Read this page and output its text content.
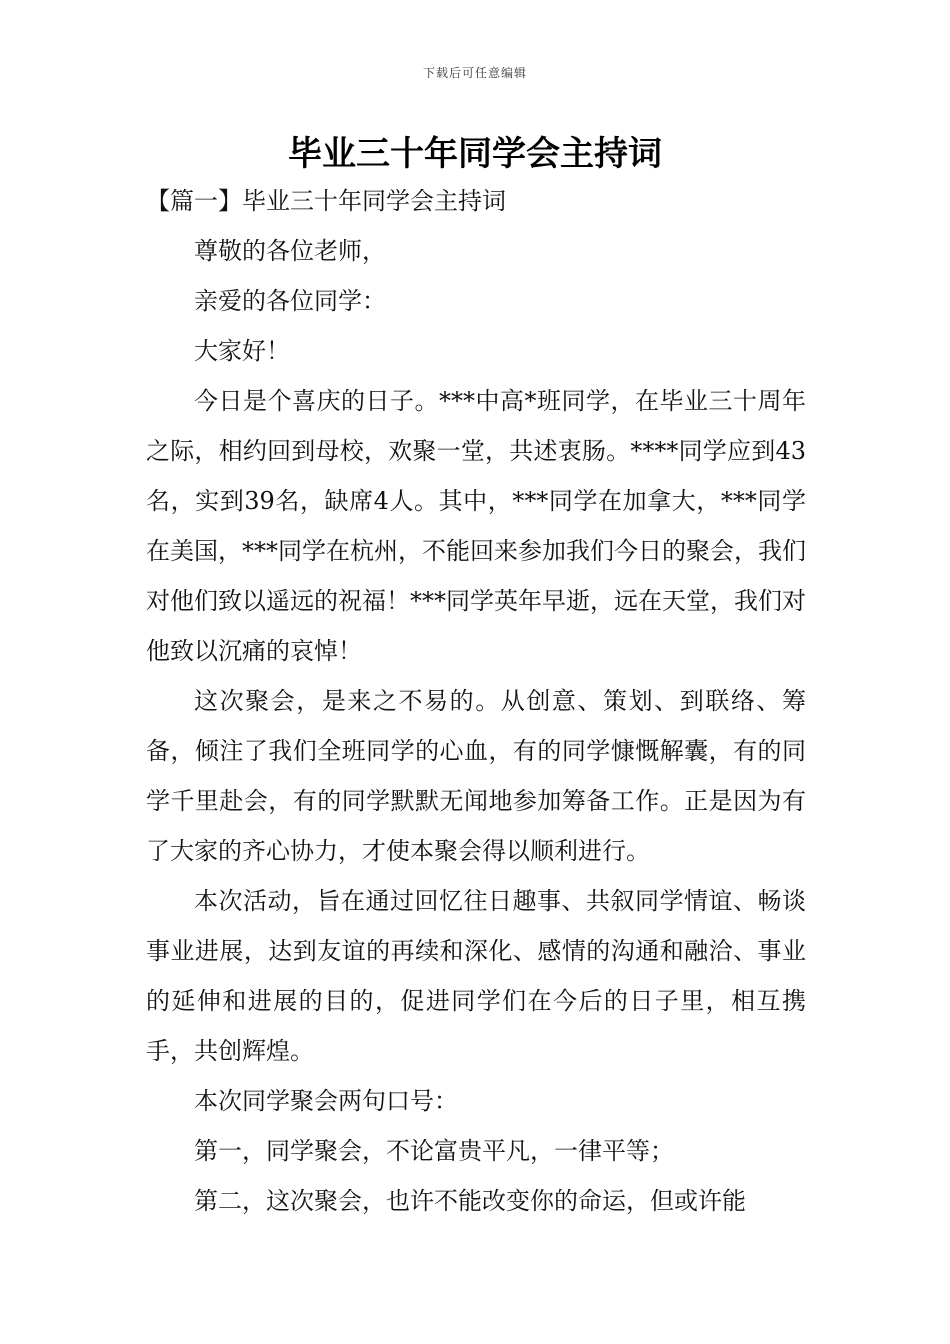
下载后可任意编辑
毕业三十年同学会主持词

【篇一】毕业三十年同学会主持词

尊敬的各位老师，

亲爱的各位同学：

大家好！

今日是个喜庆的日子。***中高*班同学，在毕业三十周年之际，相约回到母校，欢聚一堂，共述衷肠。****同学应到43名，实到39名，缺席4人。其中，***同学在加拿大，***同学在美国，***同学在杭州，不能回来参加我们今日的聚会，我们对他们致以遥远的祝福！***同学英年早逝，远在天堂，我们对他致以沉痛的哀悼！

这次聚会，是来之不易的。从创意、策划、到联络、筹备，倾注了我们全班同学的心血，有的同学慷慨解囊，有的同学千里赴会，有的同学默默无闻地参加筹备工作。正是因为有了大家的齐心协力，才使本聚会得以顺利进行。

本次活动，旨在通过回忆往日趣事、共叙同学情谊、畅谈事业进展，达到友谊的再续和深化、感情的沟通和融洽、事业的延伸和进展的目的，促进同学们在今后的日子里，相互携手，共创辉煌。

本次同学聚会两句口号：

第一，同学聚会，不论富贵平凡，一律平等；

第二，这次聚会，也许不能改变你的命运，但或许能
